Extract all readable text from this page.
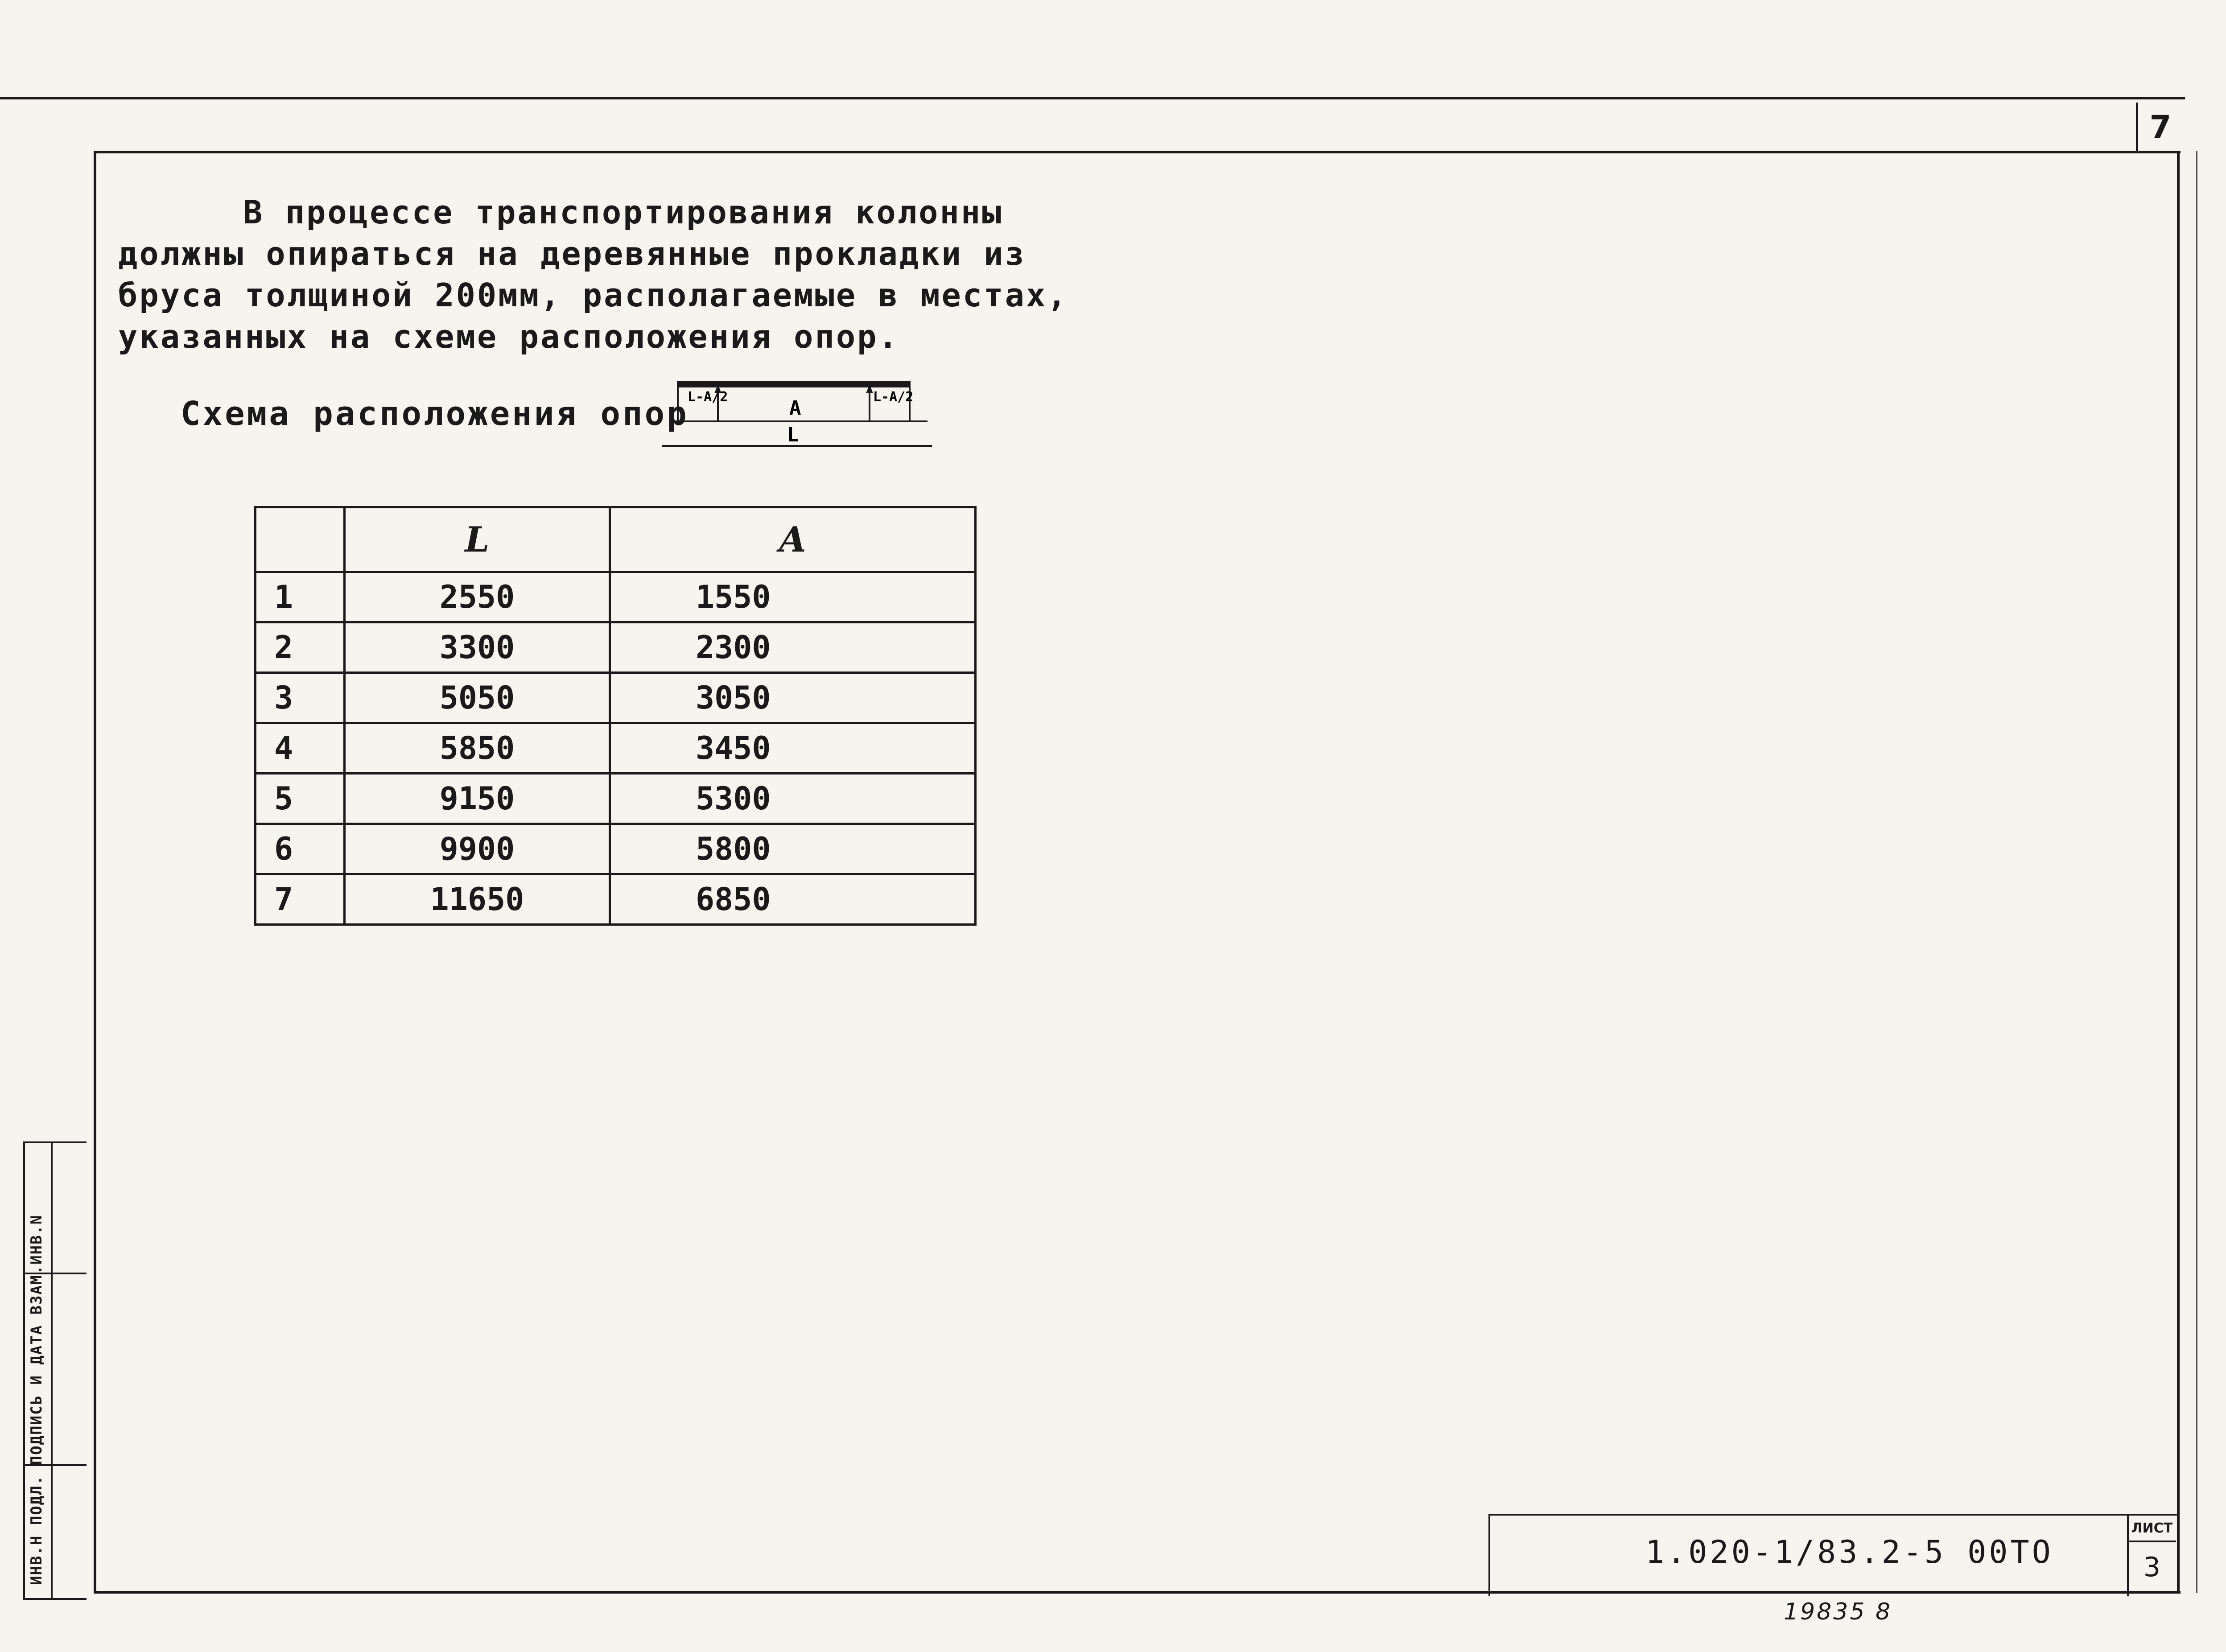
7
В процессе транспортирования колонны должны опираться на деревянные прокладки из бруса толщиной 200мм, располагаемые в местах, указанных на схеме расположения опор.
Схема расположения опор
L-A/2	L-A/2
A
L
	L	A
1	2550	1550
2	3300	2300
3	5050	3050
4	5850	3450
5	9150	5300
6	9900	5800
7	11650	6850
ИНВ.Н ПОДЛ. ПОДПИСЬ И ДАТА ВЗАМ.ИНВ.N	1.020-1/83.2-5 00ТО
ЛИСТ
3
19835 8
